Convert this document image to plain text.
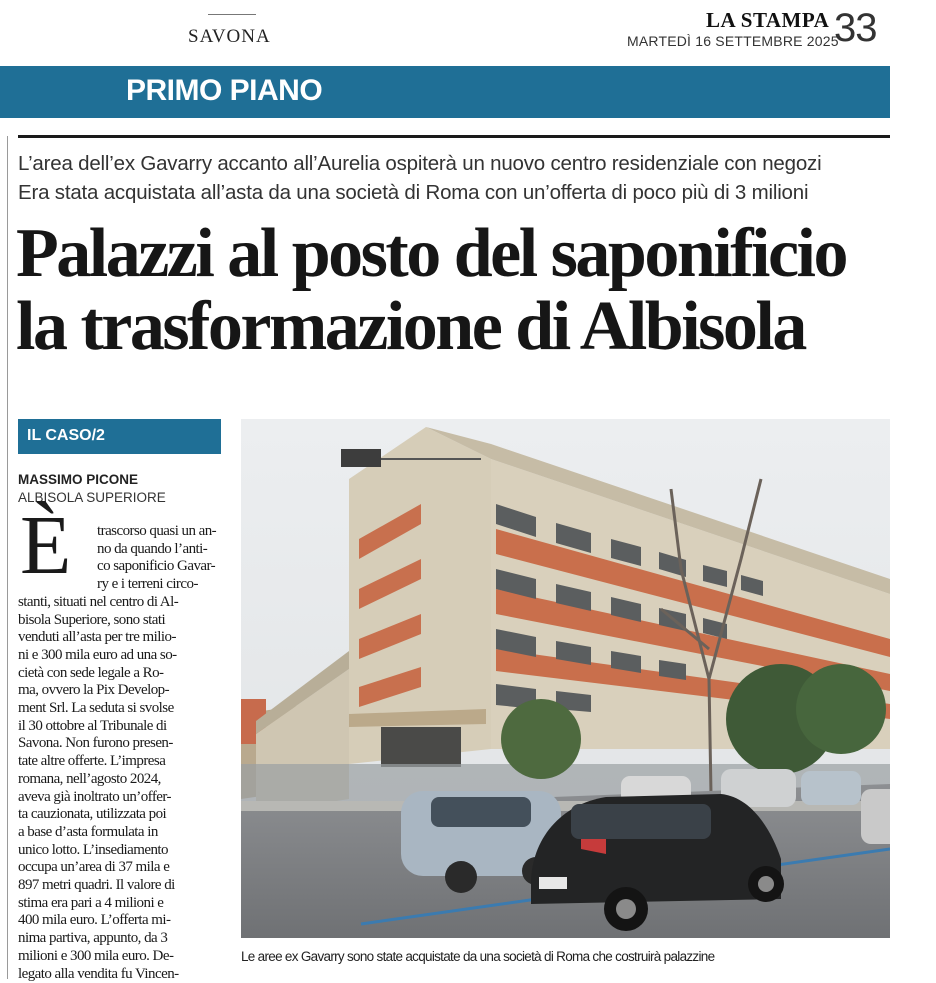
SAVONA
LA STAMPA
MARTEDÌ 16 SETTEMBRE 2025
33
PRIMO PIANO
L’area dell’ex Gavarry accanto all’Aurelia ospiterà un nuovo centro residenziale con negozi
Era stata acquistata all’asta da una società di Roma con un’offerta di poco più di 3 milioni
Palazzi al posto del saponificio
la trasformazione di Albisola
IL CASO/2
MASSIMO PICONE
ALBISOLA SUPERIORE
È	trascorso quasi un an-
no da quando l’anti-
co saponificio Gavar-
ry e i terreni circo-
stanti, situati nel centro di Al-
bisola Superiore, sono stati
venduti all’asta per tre milio-
ni e 300 mila euro ad una so-
cietà con sede legale a Ro-
ma, ovvero la Pix Develop-
ment Srl. La seduta si svolse
il 30 ottobre al Tribunale di
Savona. Non furono presen-
tate altre offerte. L’impresa
romana, nell’agosto 2024,
aveva già inoltrato un’offer-
ta cauzionata, utilizzata poi
a base d’asta formulata in
unico lotto. L’insediamento
occupa un’area di 37 mila e
897 metri quadri. Il valore di
stima era pari a 4 milioni e
400 mila euro. L’offerta mi-
nima partiva, appunto, da 3
milioni e 300 mila euro. De-
legato alla vendita fu Vincen-
Le aree ex Gavarry sono state acquistate da una società di Roma che costruirà palazzine
